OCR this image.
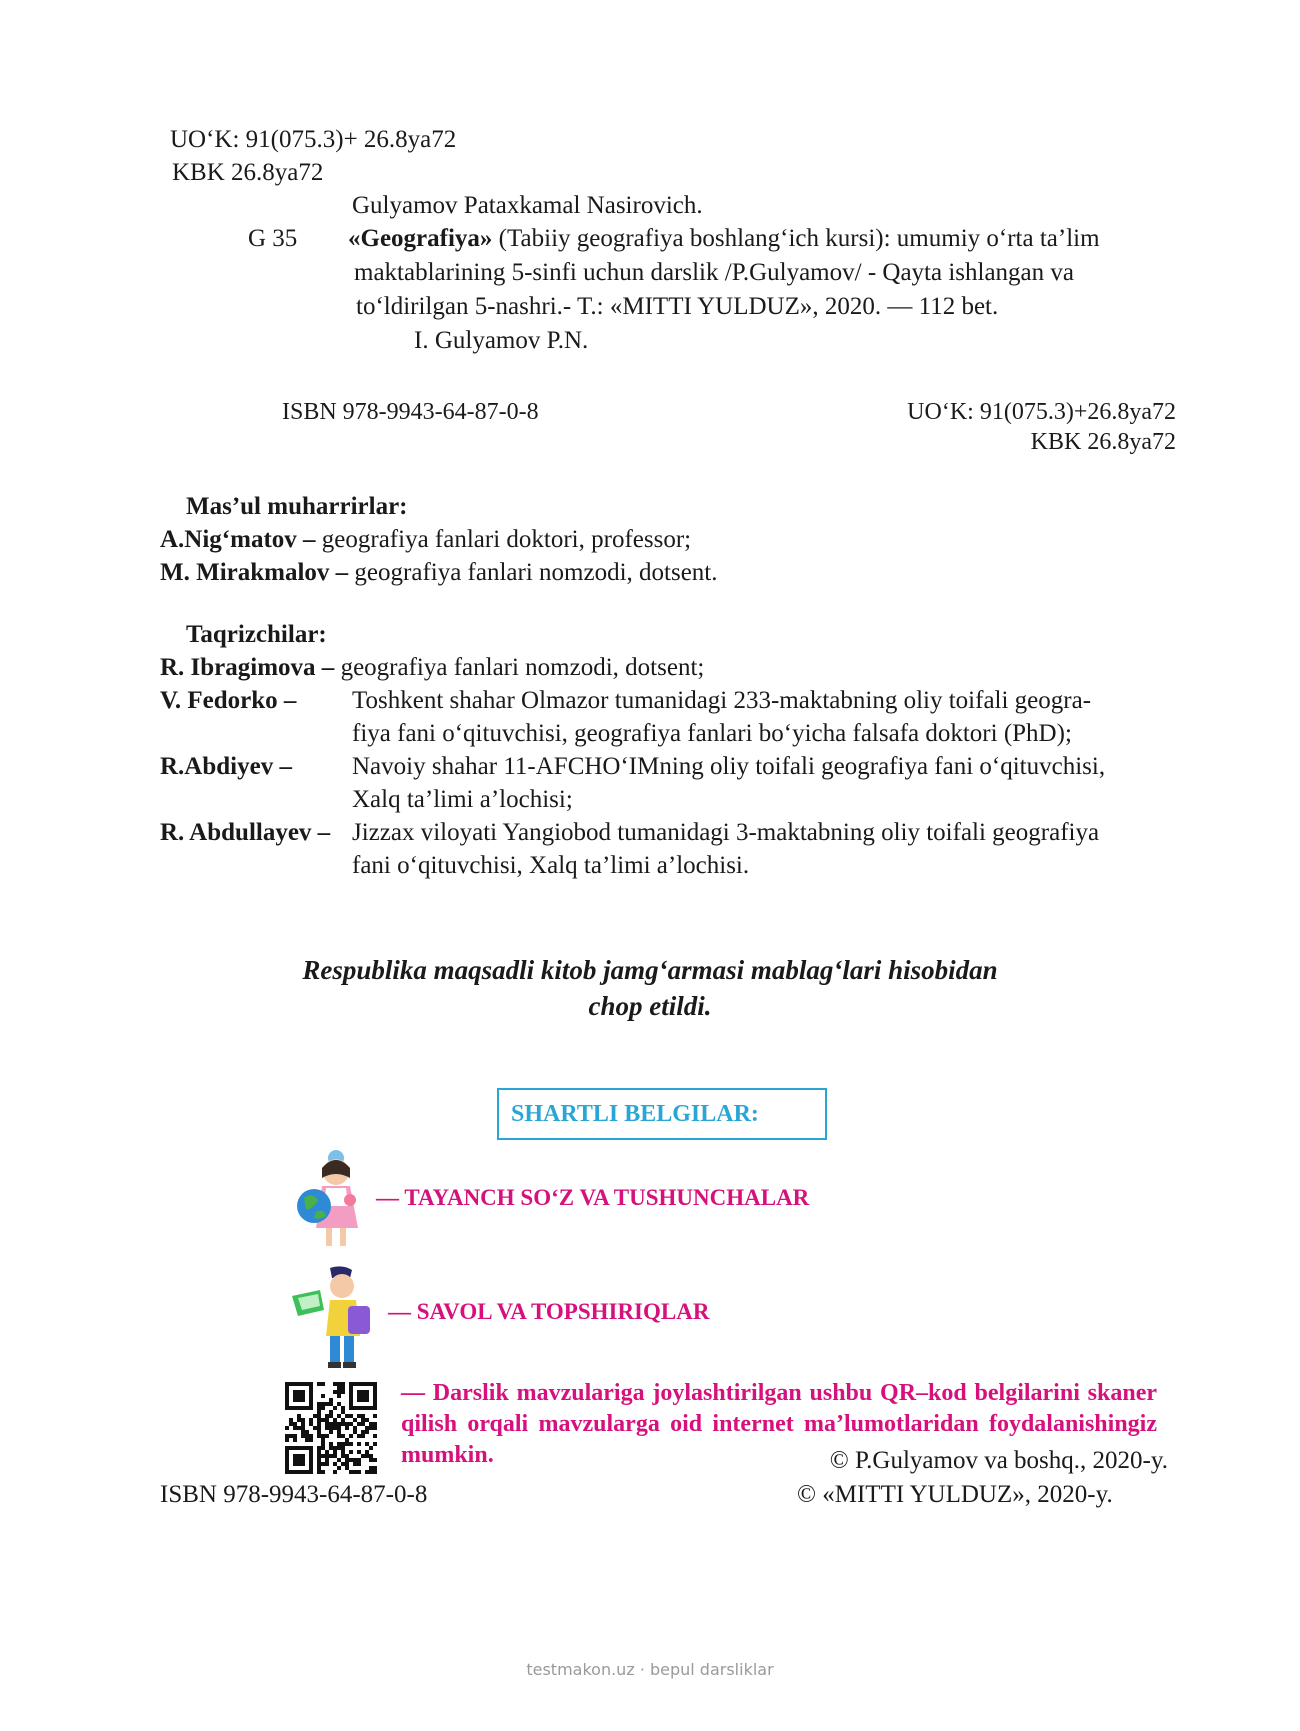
UO‘K: 91(075.3)+ 26.8ya72
KBK 26.8ya72
Gulyamov Pataxkamal Nasirovich.
G 35 «Geografiya» (Tabiiy geografiya boshlang‘ich kursi): umumiy o‘rta ta’lim
maktablarining 5-sinfi uchun darslik /P.Gulyamov/ - Qayta ishlangan va
to‘ldirilgan 5-nashri.- T.: «MITTI YULDUZ», 2020. — 112 bet.
I. Gulyamov P.N.
ISBN 978-9943-64-87-0-8	UO‘K: 91(075.3)+26.8ya72
KBK 26.8ya72
Mas’ul muharrirlar:
A.Nig‘matov – geografiya fanlari doktori, professor;
M. Mirakmalov – geografiya fanlari nomzodi, dotsent.
Taqrizchilar:
R. Ibragimova – geografiya fanlari nomzodi, dotsent;
V. Fedorko – Toshkent shahar Olmazor tumanidagi 233-maktabning oliy toifali geogra-
fiya fani o‘qituvchisi, geografiya fanlari bo‘yicha falsafa doktori (PhD);
R.Abdiyev – Navoiy shahar 11-AFCHO‘IMning oliy toifali geografiya fani o‘qituvchisi,
Xalq ta’limi a’lochisi;
R. Abdullayev – Jizzax viloyati Yangiobod tumanidagi 3-maktabning oliy toifali geografiya
fani o‘qituvchisi, Xalq ta’limi a’lochisi.
Respublika maqsadli kitob jamg‘armasi mablag‘lari hisobidan
chop etildi.
SHARTLI BELGILAR:
— TAYANCH SO‘Z VA TUSHUNCHALAR
— SAVOL VA TOPSHIRIQLAR
— Darslik mavzulariga joylashtirilgan ushbu QR–kod belgilarini skaner qilish orqali mavzularga oid internet ma’lumotlaridan foydalanishingiz mumkin.	© P.Gulyamov va boshq., 2020-y.
ISBN 978-9943-64-87-0-8	© «MITTI YULDUZ», 2020-y.
testmakon.uz · bepul darsliklar
